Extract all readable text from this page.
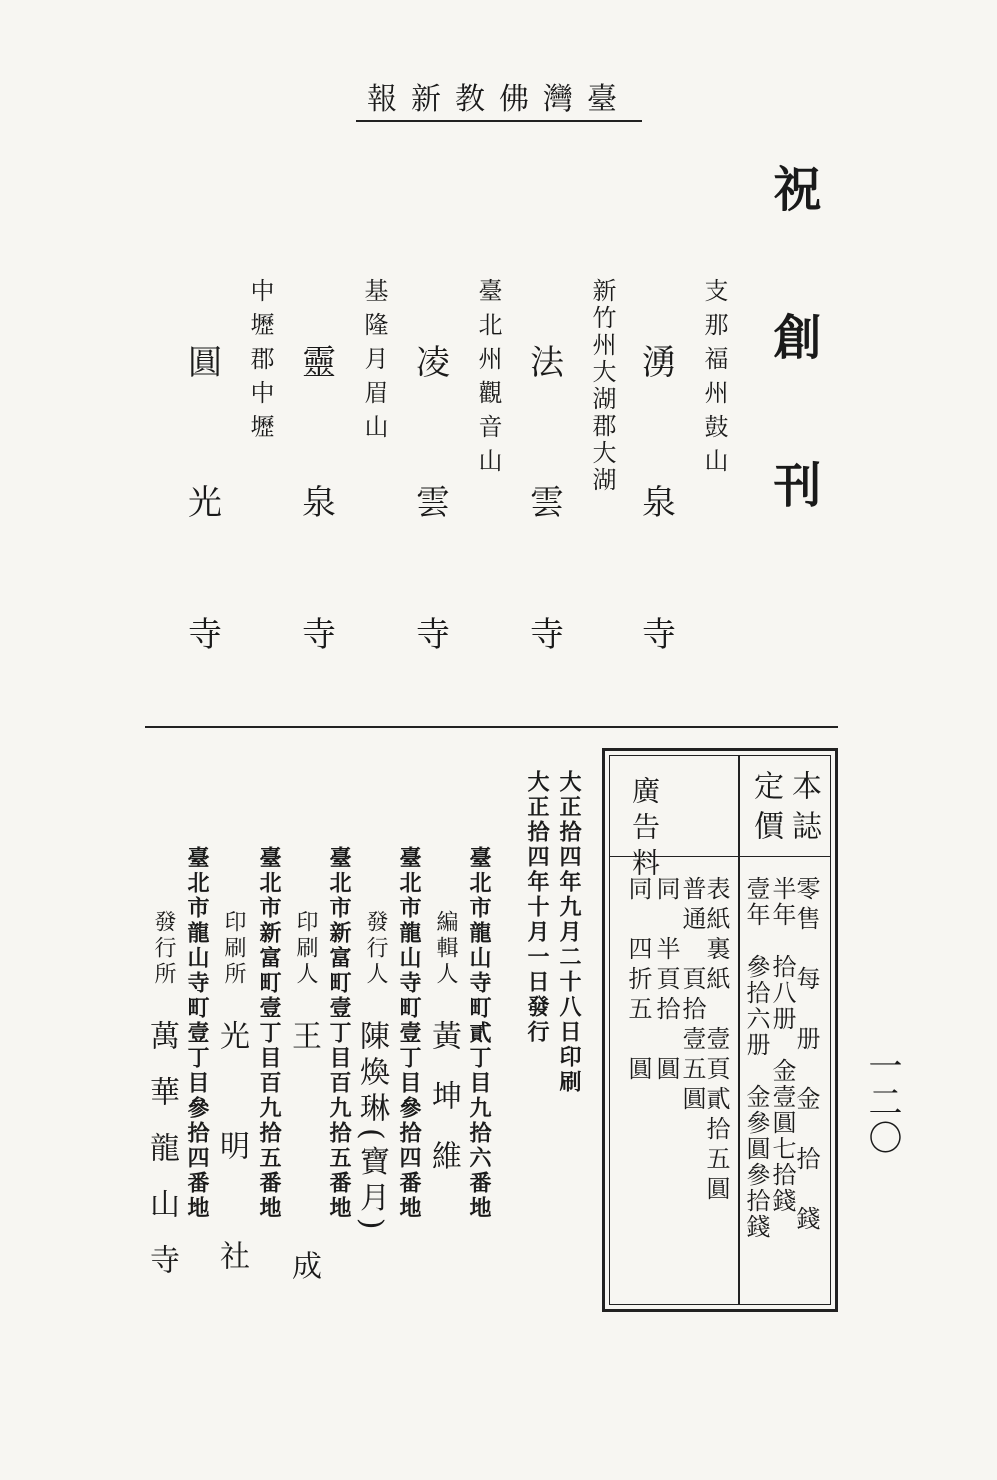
報新教佛灣臺
一二〇
祝創刊
支那福州鼓山
湧
泉
寺
新竹州大湖郡大湖
法
雲
寺
臺北州觀音山
凌
雲
寺
基隆月眉山
靈
泉
寺
中壢郡中壢
圓
光
寺
本誌
定價
零售　每　册　金　拾　錢
半年　拾八册　金壹圓七拾錢
壹年　參拾六册　金參圓參拾錢
廣告料
表紙裏紙　壹頁貳拾五圓
普通　頁拾壹五圓
同　半頁拾　圓
同　四折五　圓
大正拾四年九月二十八日印刷
大正拾四年十月一日發行
臺北市龍山寺町貳丁目九拾六番地
編輯人
黃坤維
臺北市龍山寺町壹丁目參拾四番地
發行人
陳煥琳(寶月)
臺北市新富町壹丁目百九拾五番地
印刷人
王成
臺北市新富町壹丁目百九拾五番地
印刷所
光明社
臺北市龍山寺町壹丁目參拾四番地
發行所
萬華龍山寺
